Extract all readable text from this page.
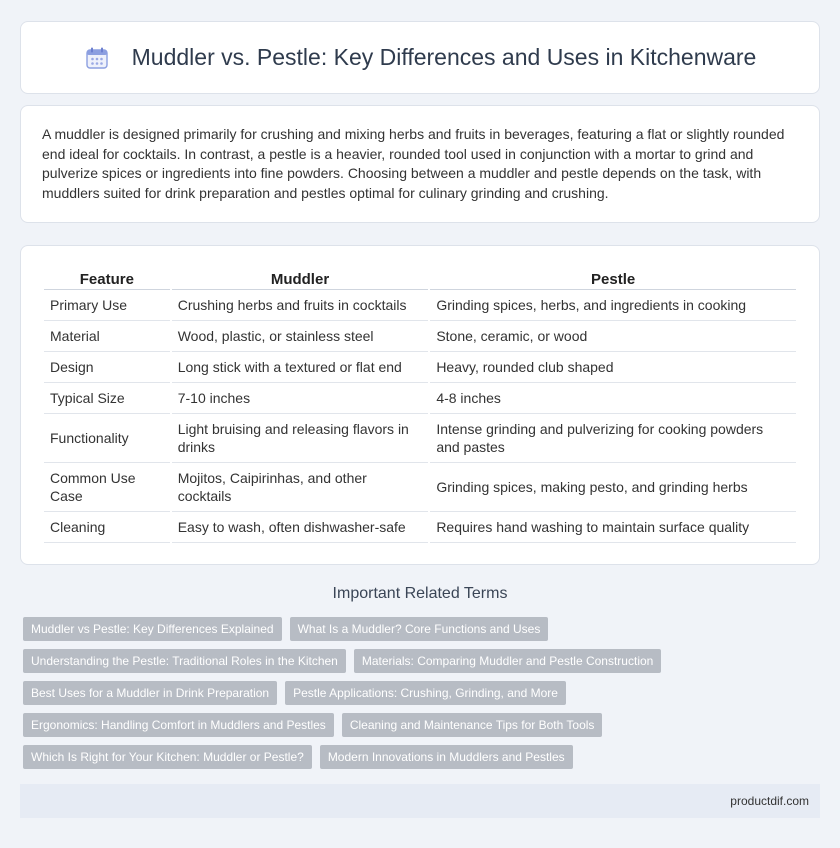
Muddler vs. Pestle: Key Differences and Uses in Kitchenware

A muddler is designed primarily for crushing and mixing herbs and fruits in beverages, featuring a flat or slightly rounded end ideal for cocktails. In contrast, a pestle is a heavier, rounded tool used in conjunction with a mortar to grind and pulverize spices or ingredients into fine powders. Choosing between a muddler and pestle depends on the task, with muddlers suited for drink preparation and pestles optimal for culinary grinding and crushing.

Feature	Muddler	Pestle
Primary Use	Crushing herbs and fruits in cocktails	Grinding spices, herbs, and ingredients in cooking
Material	Wood, plastic, or stainless steel	Stone, ceramic, or wood
Design	Long stick with a textured or flat end	Heavy, rounded club shaped
Typical Size	7-10 inches	4-8 inches
Functionality	Light bruising and releasing flavors in drinks	Intense grinding and pulverizing for cooking powders and pastes
Common Use Case	Mojitos, Caipirinhas, and other cocktails	Grinding spices, making pesto, and grinding herbs
Cleaning	Easy to wash, often dishwasher-safe	Requires hand washing to maintain surface quality
Important Related Terms
Muddler vs Pestle: Key Differences Explained	What Is a Muddler? Core Functions and Uses
Understanding the Pestle: Traditional Roles in the Kitchen	Materials: Comparing Muddler and Pestle Construction
Best Uses for a Muddler in Drink Preparation	Pestle Applications: Crushing, Grinding, and More
Ergonomics: Handling Comfort in Muddlers and Pestles	Cleaning and Maintenance Tips for Both Tools
Which Is Right for Your Kitchen: Muddler or Pestle?	Modern Innovations in Muddlers and Pestles
productdif.com
